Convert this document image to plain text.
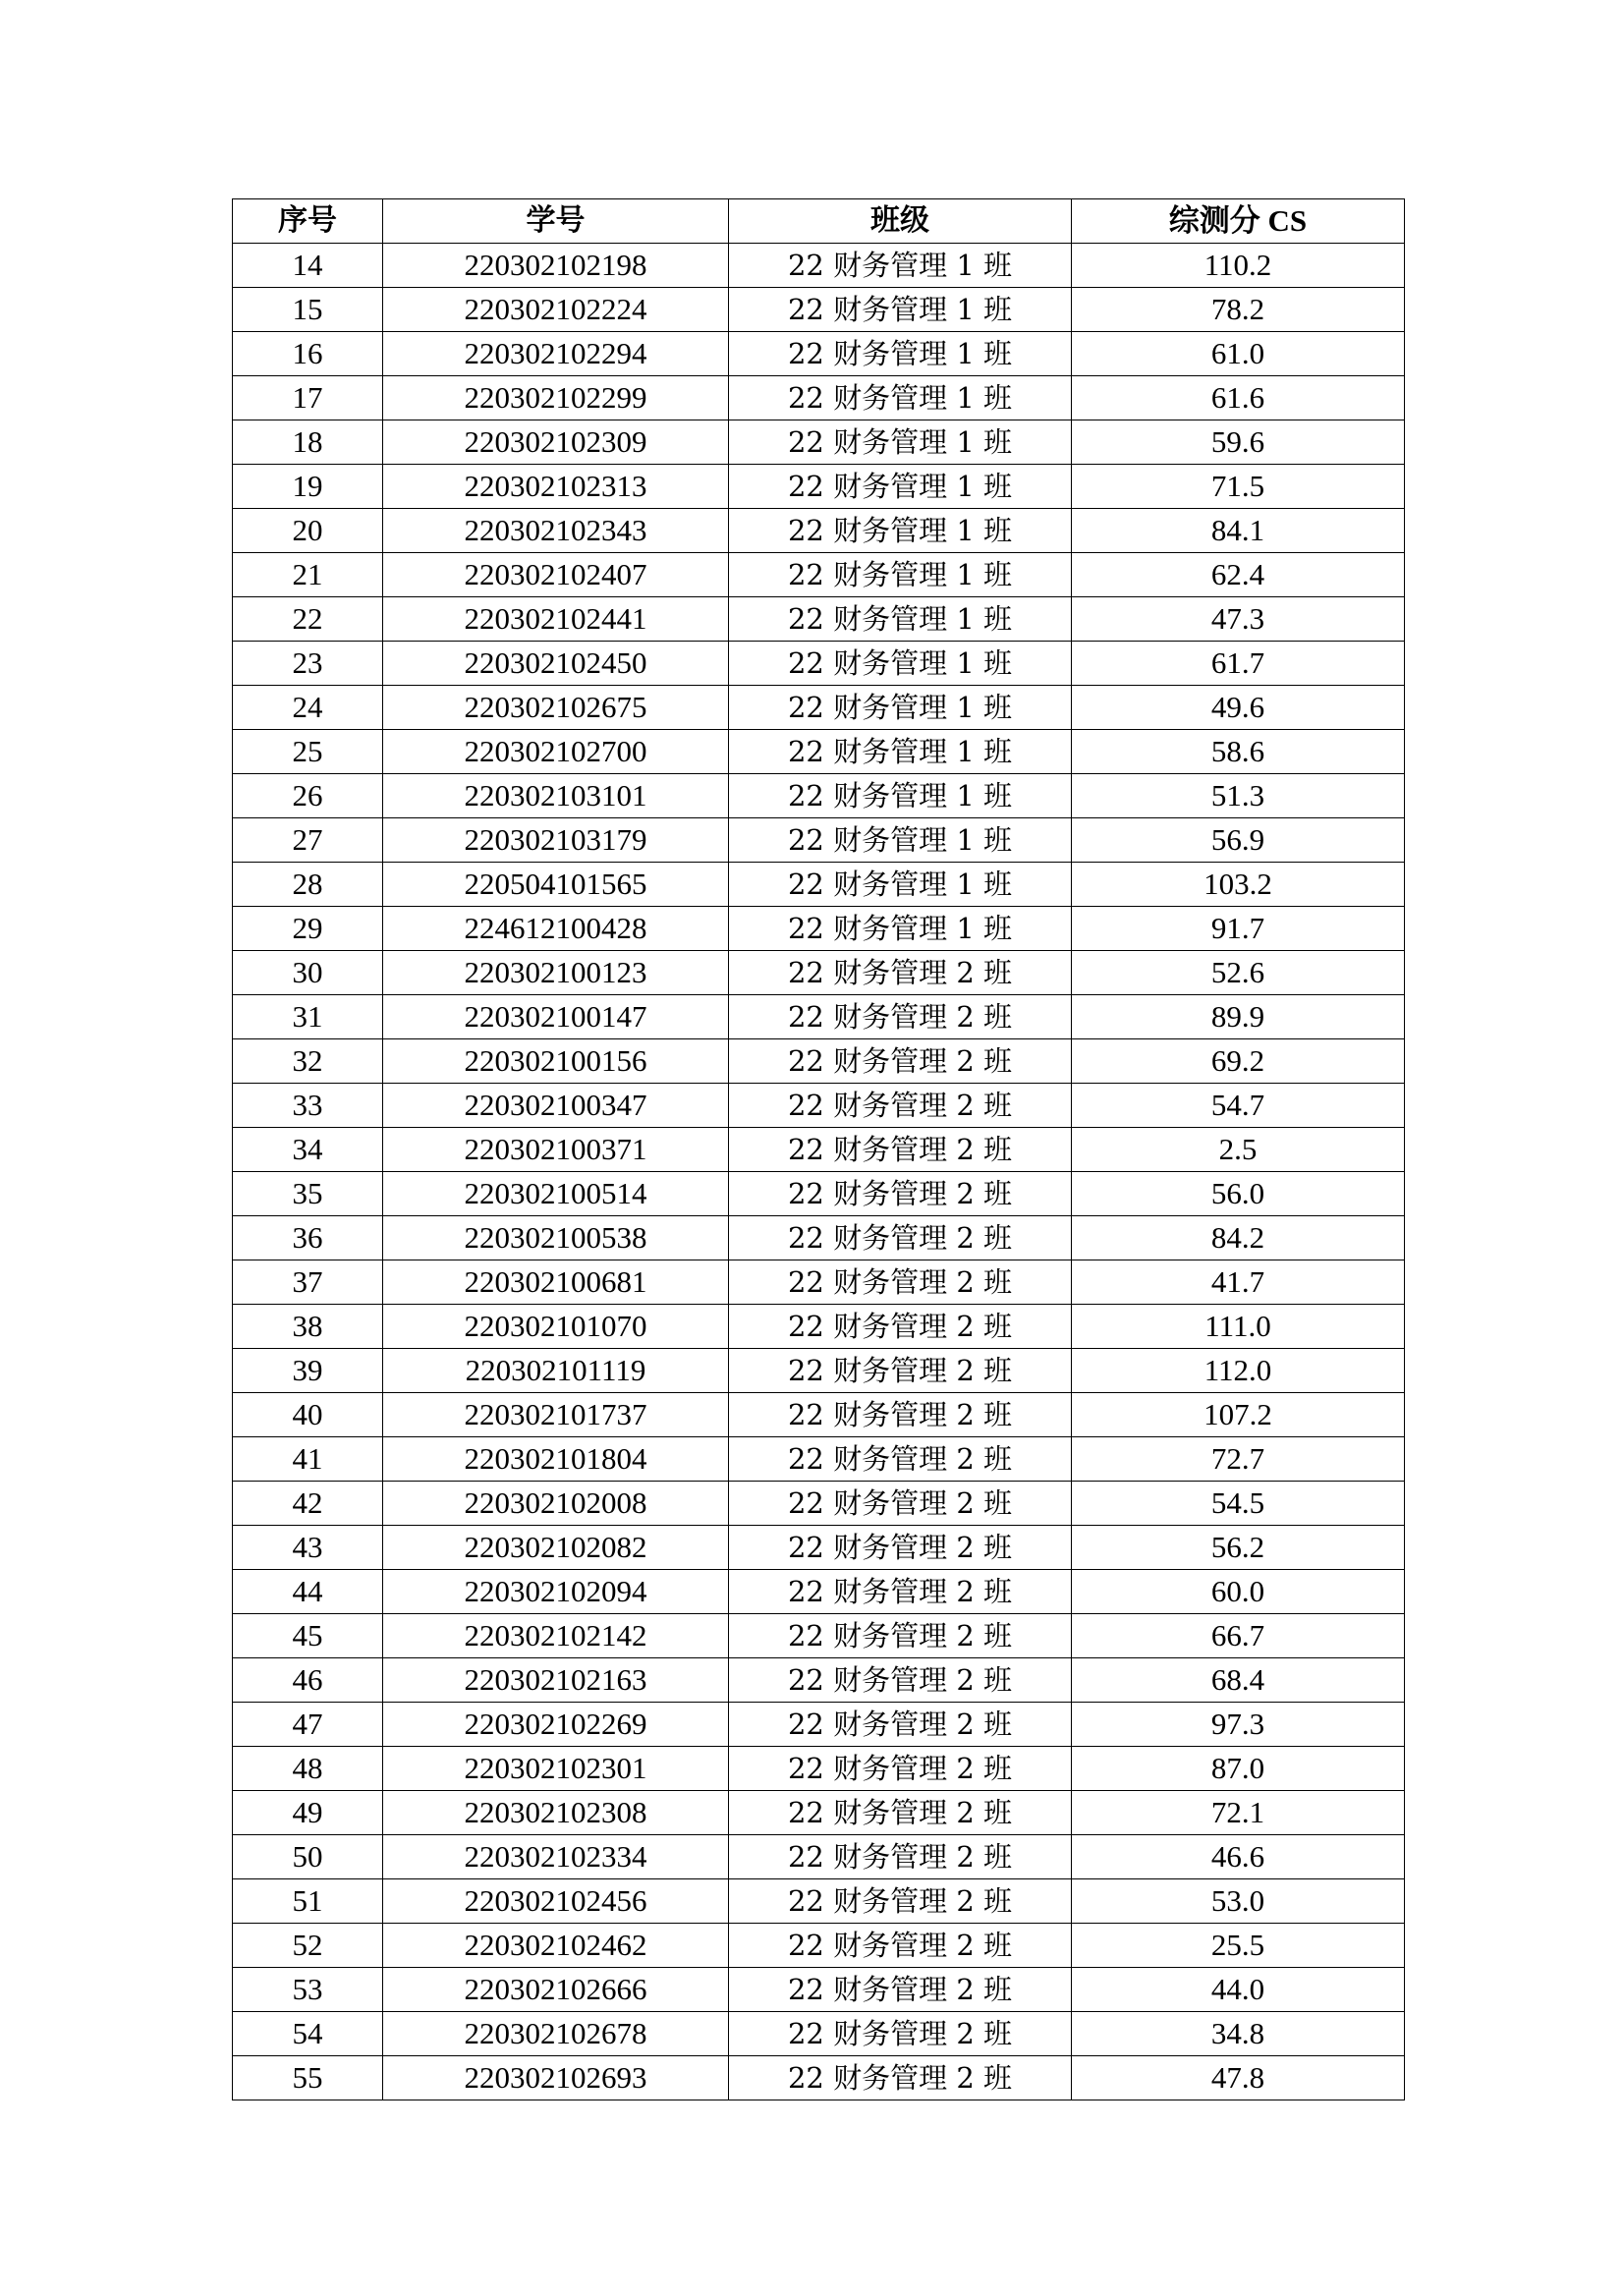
序号	学号	班级	综测分 CS
14	220302102198	22 财务管理 1 班	110.2
15	220302102224	22 财务管理 1 班	78.2
16	220302102294	22 财务管理 1 班	61.0
17	220302102299	22 财务管理 1 班	61.6
18	220302102309	22 财务管理 1 班	59.6
19	220302102313	22 财务管理 1 班	71.5
20	220302102343	22 财务管理 1 班	84.1
21	220302102407	22 财务管理 1 班	62.4
22	220302102441	22 财务管理 1 班	47.3
23	220302102450	22 财务管理 1 班	61.7
24	220302102675	22 财务管理 1 班	49.6
25	220302102700	22 财务管理 1 班	58.6
26	220302103101	22 财务管理 1 班	51.3
27	220302103179	22 财务管理 1 班	56.9
28	220504101565	22 财务管理 1 班	103.2
29	224612100428	22 财务管理 1 班	91.7
30	220302100123	22 财务管理 2 班	52.6
31	220302100147	22 财务管理 2 班	89.9
32	220302100156	22 财务管理 2 班	69.2
33	220302100347	22 财务管理 2 班	54.7
34	220302100371	22 财务管理 2 班	2.5
35	220302100514	22 财务管理 2 班	56.0
36	220302100538	22 财务管理 2 班	84.2
37	220302100681	22 财务管理 2 班	41.7
38	220302101070	22 财务管理 2 班	111.0
39	220302101119	22 财务管理 2 班	112.0
40	220302101737	22 财务管理 2 班	107.2
41	220302101804	22 财务管理 2 班	72.7
42	220302102008	22 财务管理 2 班	54.5
43	220302102082	22 财务管理 2 班	56.2
44	220302102094	22 财务管理 2 班	60.0
45	220302102142	22 财务管理 2 班	66.7
46	220302102163	22 财务管理 2 班	68.4
47	220302102269	22 财务管理 2 班	97.3
48	220302102301	22 财务管理 2 班	87.0
49	220302102308	22 财务管理 2 班	72.1
50	220302102334	22 财务管理 2 班	46.6
51	220302102456	22 财务管理 2 班	53.0
52	220302102462	22 财务管理 2 班	25.5
53	220302102666	22 财务管理 2 班	44.0
54	220302102678	22 财务管理 2 班	34.8
55	220302102693	22 财务管理 2 班	47.8
